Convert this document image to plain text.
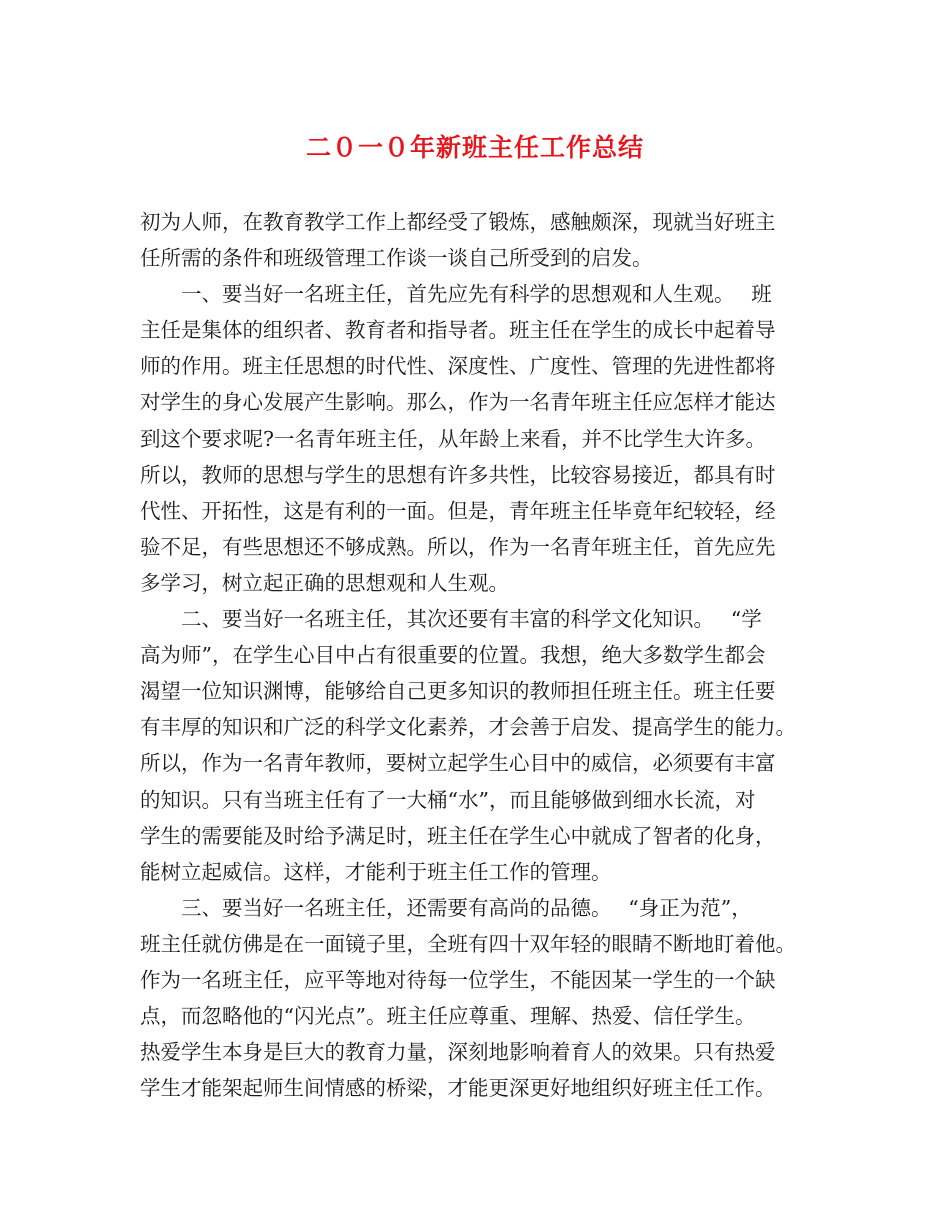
二０一０年新班主任工作总结
初为人师，在教育教学工作上都经受了锻炼，感触颇深，现就当好班主
任所需的条件和班级管理工作谈一谈自己所受到的启发。
　　一、要当好一名班主任，首先应先有科学的思想观和人生观。　 班
主任是集体的组织者、教育者和指导者。班主任在学生的成长中起着导
师的作用。班主任思想的时代性、深度性、广度性、管理的先进性都将
对学生的身心发展产生影响。那么，作为一名青年班主任应怎样才能达
到这个要求呢?一名青年班主任，从年龄上来看，并不比学生大许多。
所以，教师的思想与学生的思想有许多共性，比较容易接近，都具有时
代性、开拓性，这是有利的一面。但是，青年班主任毕竟年纪较轻，经
验不足，有些思想还不够成熟。所以，作为一名青年班主任，首先应先
多学习，树立起正确的思想观和人生观。
　　二、要当好一名班主任，其次还要有丰富的科学文化知识。　 “学
高为师”，在学生心目中占有很重要的位置。我想，绝大多数学生都会
渴望一位知识渊博，能够给自己更多知识的教师担任班主任。班主任要
有丰厚的知识和广泛的科学文化素养，才会善于启发、提高学生的能力。
所以，作为一名青年教师，要树立起学生心目中的威信，必须要有丰富
的知识。只有当班主任有了一大桶“水”，而且能够做到细水长流，对
学生的需要能及时给予满足时，班主任在学生心中就成了智者的化身，
能树立起威信。这样，才能利于班主任工作的管理。
　　三、要当好一名班主任，还需要有高尚的品德。　 “身正为范”，
班主任就仿佛是在一面镜子里，全班有四十双年轻的眼睛不断地盯着他。
作为一名班主任，应平等地对待每一位学生，不能因某一学生的一个缺
点，而忽略他的“闪光点”。班主任应尊重、理解、热爱、信任学生。
热爱学生本身是巨大的教育力量，深刻地影响着育人的效果。只有热爱
学生才能架起师生间情感的桥梁，才能更深更好地组织好班主任工作。
